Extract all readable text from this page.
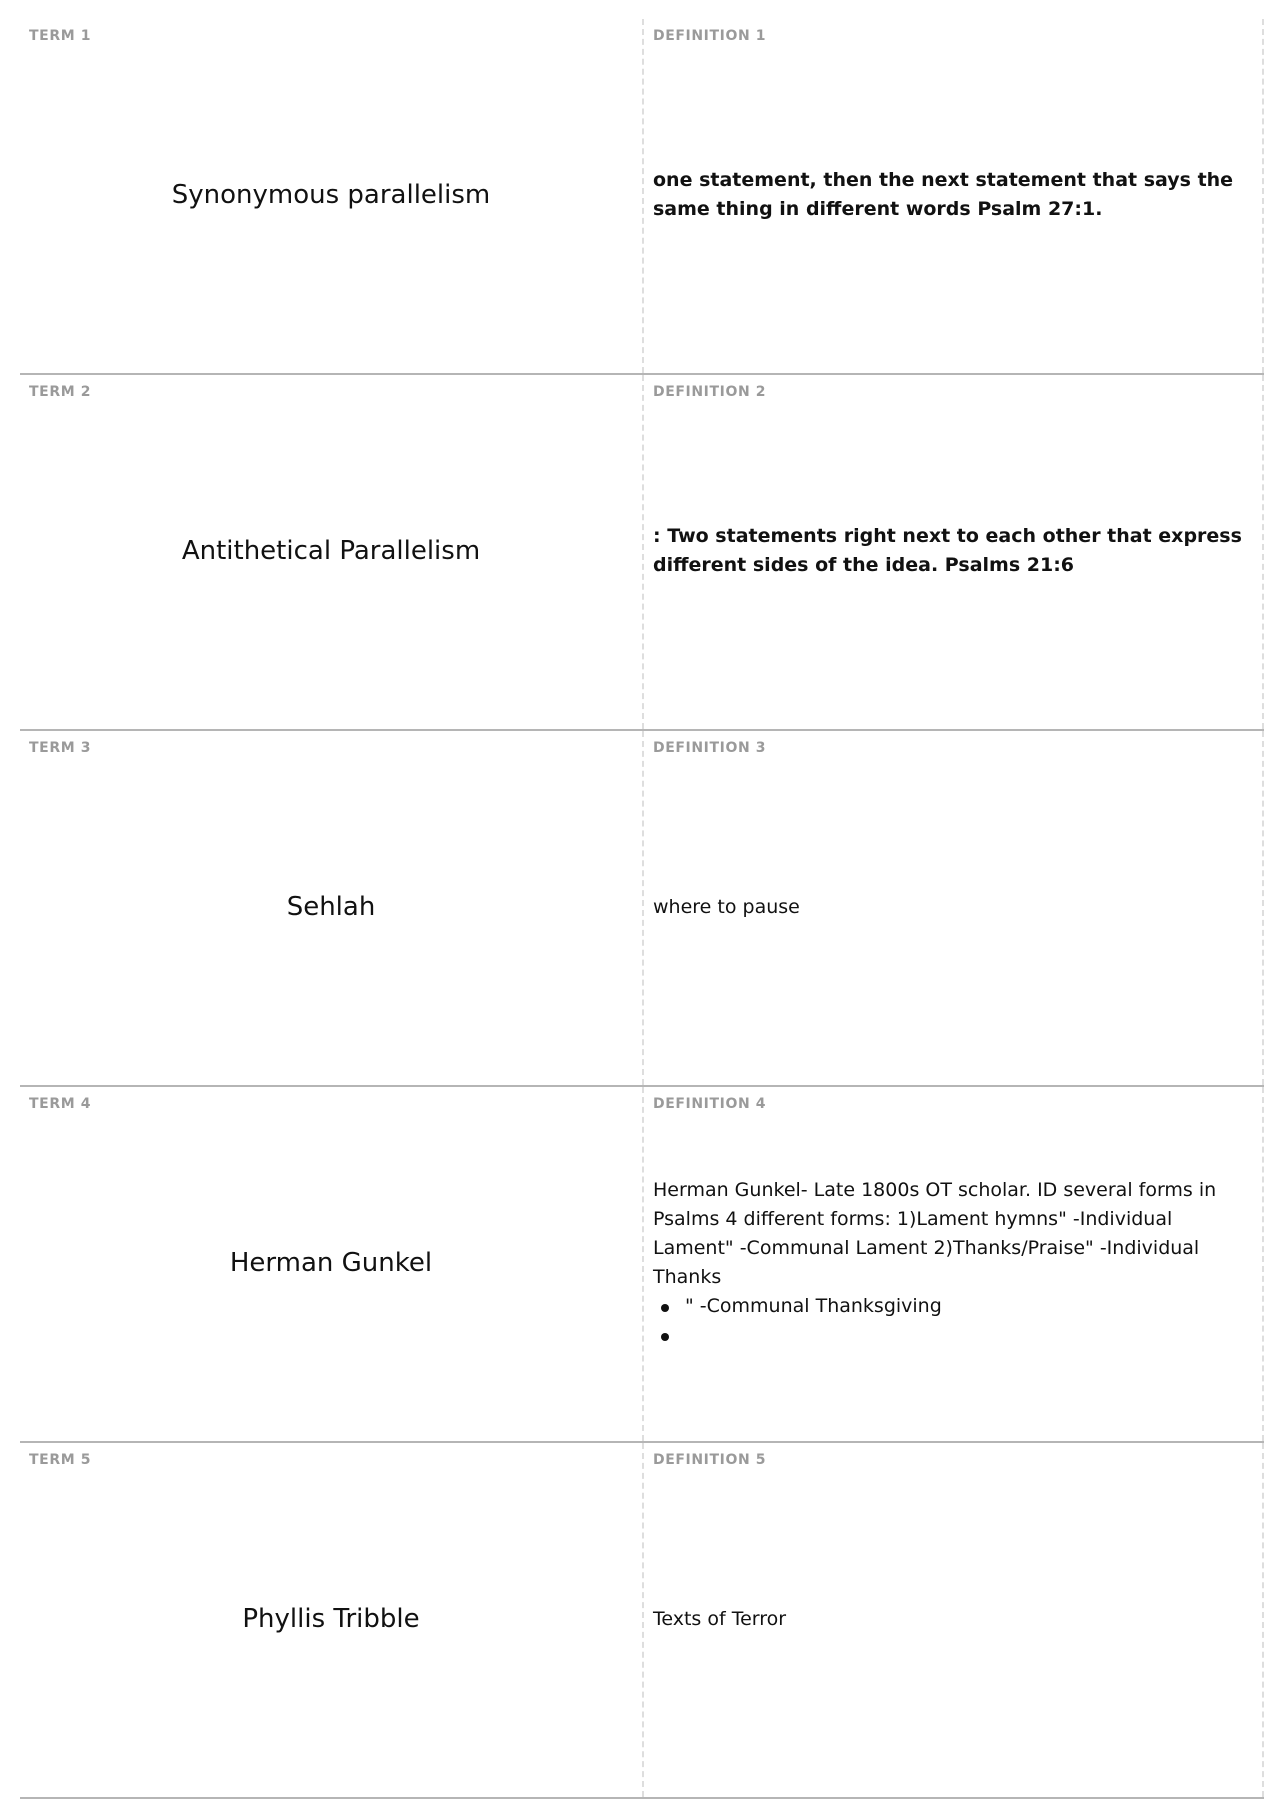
TERM 1
Synonymous parallelism
DEFINITION 1
one statement, then the next statement that says the same thing in different words Psalm 27:1.
TERM 2
Antithetical Parallelism
DEFINITION 2
: Two statements right next to each other that express different sides of the idea. Psalms 21:6
TERM 3
Sehlah
DEFINITION 3
where to pause
TERM 4
Herman Gunkel
DEFINITION 4
Herman Gunkel- Late 1800s OT scholar. ID several forms in Psalms 4 different forms: 1)Lament hymns" -Individual Lament" -Communal Lament 2)Thanks/Praise" -Individual Thanks
" -Communal Thanksgiving
TERM 5
Phyllis Tribble
DEFINITION 5
Texts of Terror
